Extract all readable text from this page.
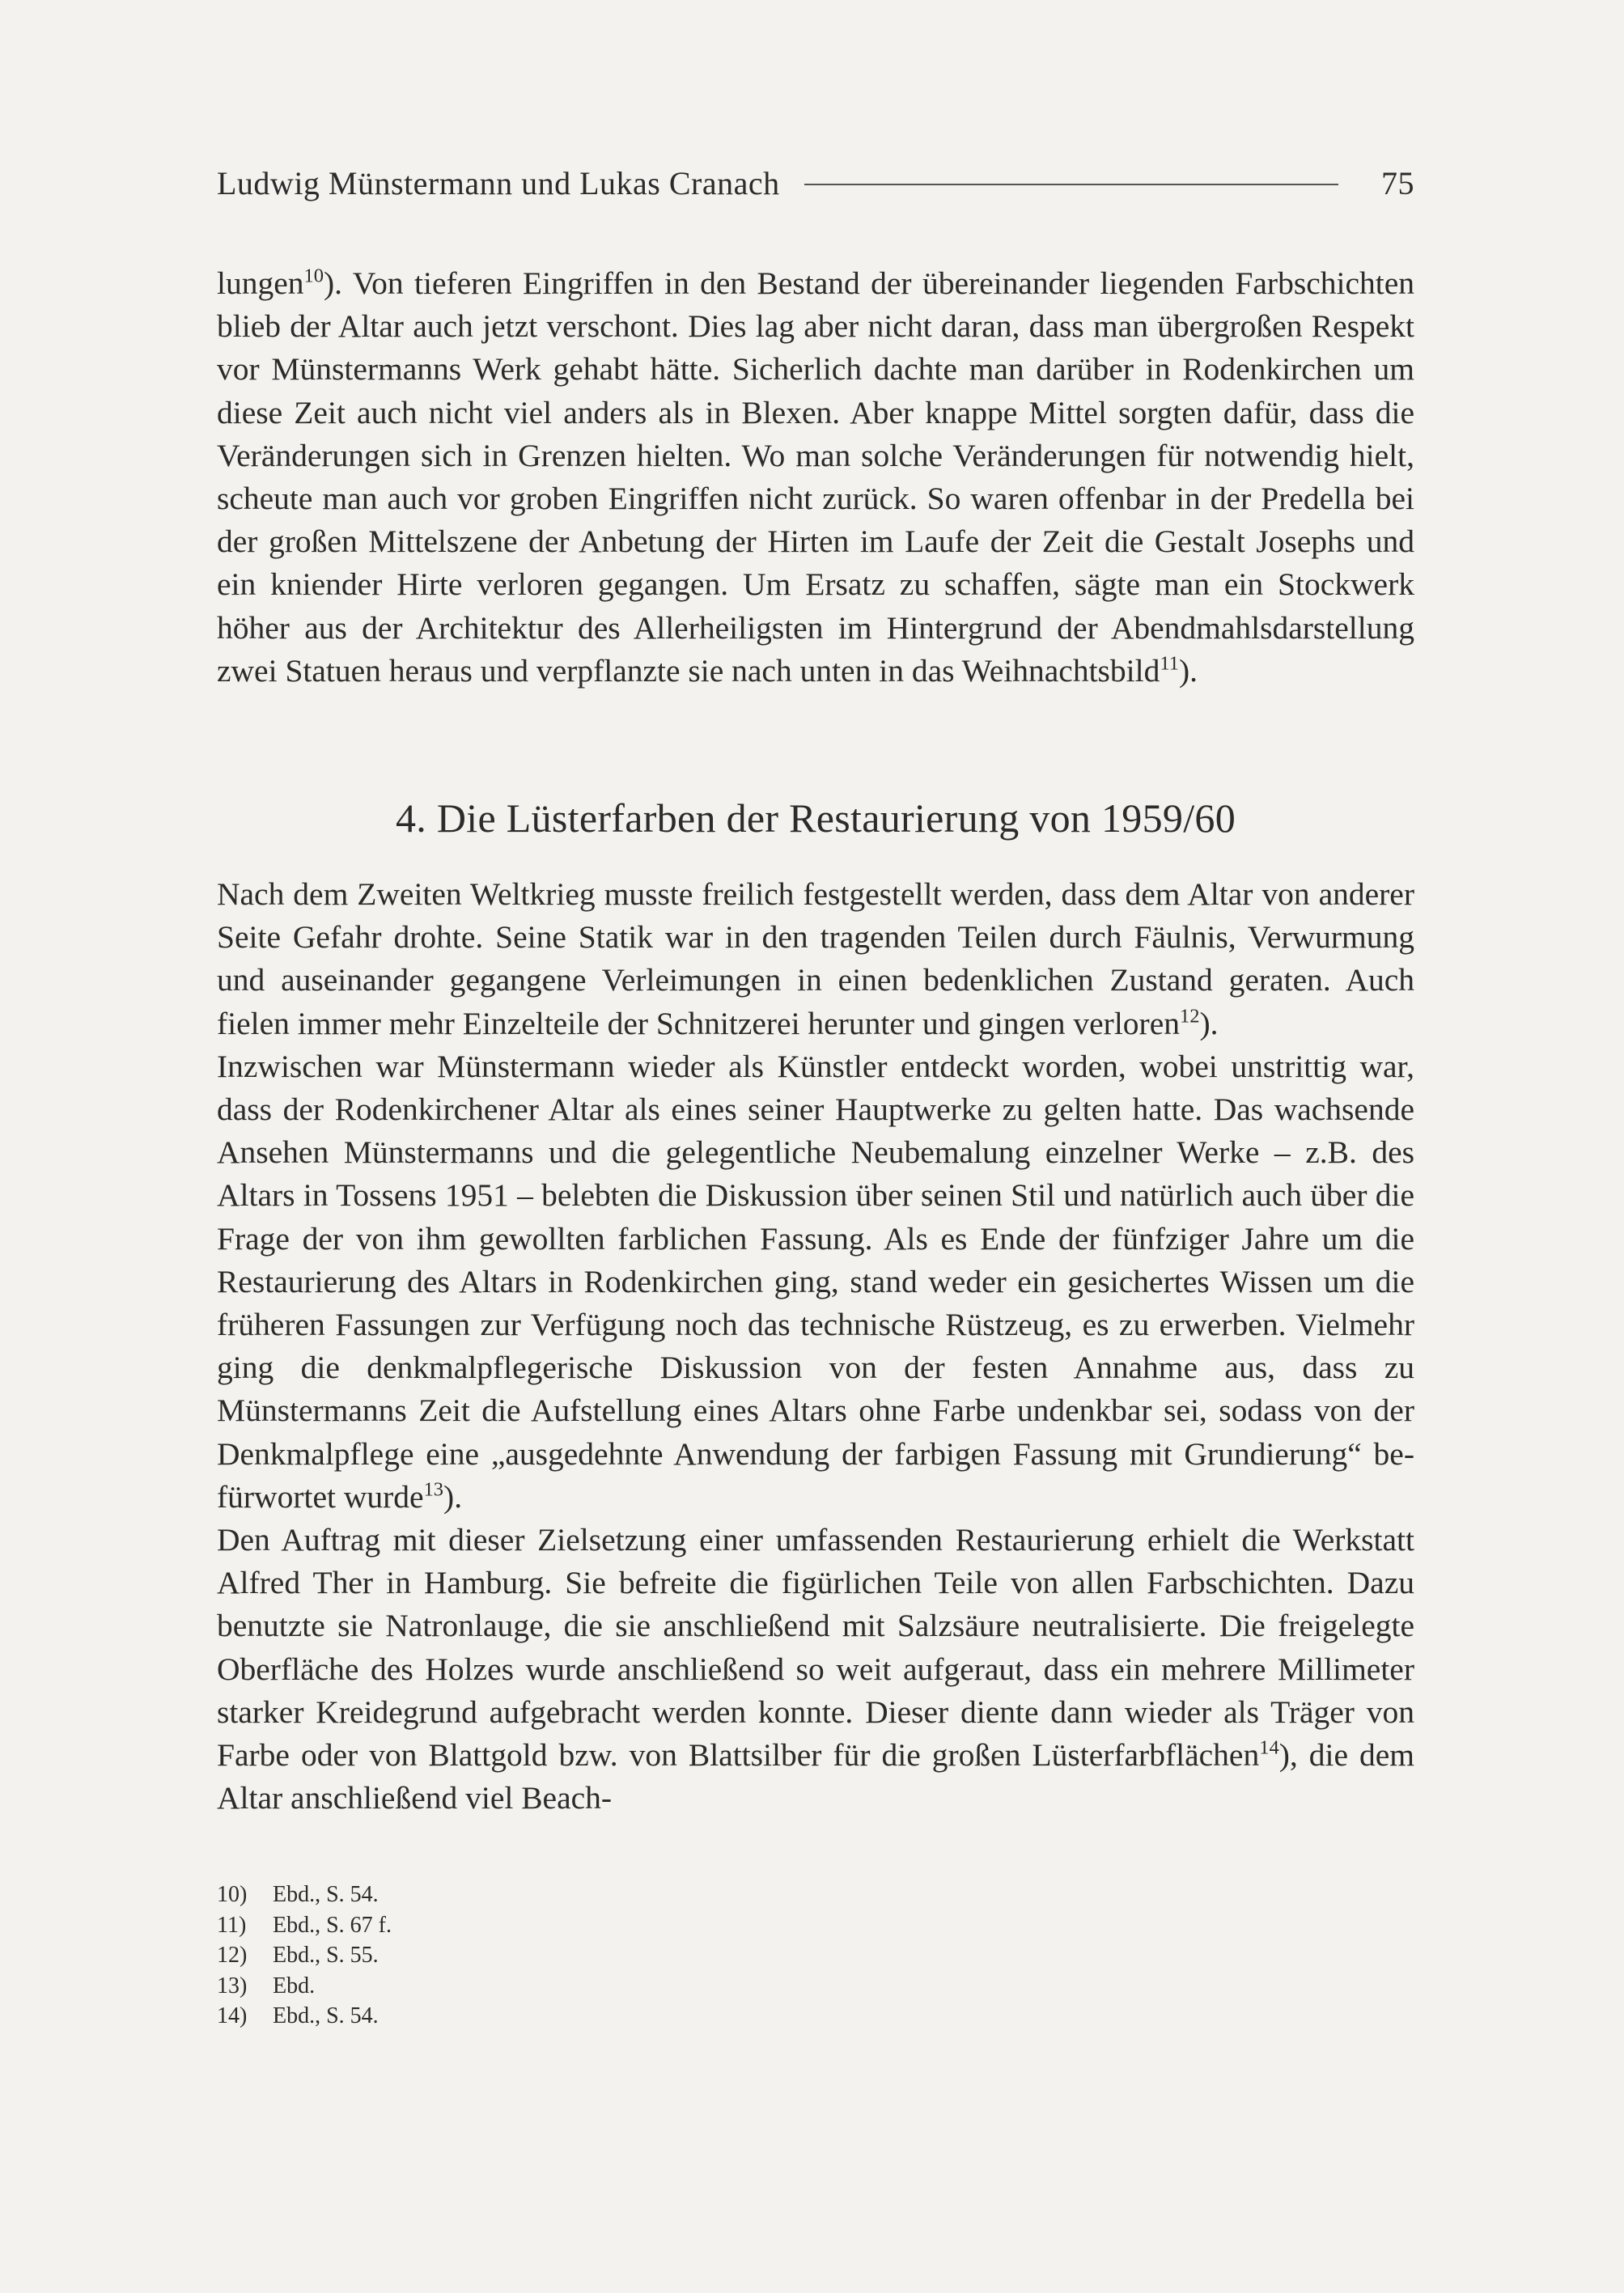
Ludwig Münstermann und Lukas Cranach	75

lungen$^{10}$). Von tieferen Eingriffen in den Bestand der übereinander liegenden Farbschichten blieb der Altar auch jetzt verschont. Dies lag aber nicht daran, dass man übergroßen Respekt vor Münstermanns Werk gehabt hätte. Sicherlich dachte man darüber in Rodenkirchen um diese Zeit auch nicht viel anders als in Blexen. Aber knappe Mittel sorgten dafür, dass die Veränderungen sich in Grenzen hielten. Wo man solche Veränderungen für notwendig hielt, scheute man auch vor groben Eingriffen nicht zurück. So waren offenbar in der Predella bei der großen Mittelszene der Anbetung der Hirten im Laufe der Zeit die Gestalt Josephs und ein kniender Hirte verloren gegangen. Um Ersatz zu schaffen, sägte man ein Stockwerk höher aus der Architektur des Allerheiligsten im Hintergrund der Abendmahlsdarstellung zwei Statuen heraus und verpflanzte sie nach unten in das Weihnachtsbild$^{11}$).

4. Die Lüsterfarben der Restaurierung von 1959/60

Nach dem Zweiten Weltkrieg musste freilich festgestellt werden, dass dem Altar von anderer Seite Gefahr drohte. Seine Statik war in den tragenden Teilen durch Fäulnis, Verwurmung und auseinander gegangene Verleimungen in einen bedenklichen Zustand geraten. Auch fielen immer mehr Einzelteile der Schnitzerei herunter und gingen verloren$^{12}$).

Inzwischen war Münstermann wieder als Künstler entdeckt worden, wobei unstrittig war, dass der Rodenkirchener Altar als eines seiner Hauptwerke zu gelten hatte. Das wachsende Ansehen Münstermanns und die gelegentliche Neubemalung einzelner Werke – z.B. des Altars in Tossens 1951 – belebten die Diskussion über seinen Stil und natürlich auch über die Frage der von ihm gewollten farblichen Fassung. Als es Ende der fünfziger Jahre um die Restaurierung des Altars in Rodenkirchen ging, stand weder ein gesichertes Wissen um die früheren Fassungen zur Verfügung noch das technische Rüstzeug, es zu erwerben. Vielmehr ging die denkmalpflegerische Diskussion von der festen Annahme aus, dass zu Münstermanns Zeit die Aufstellung eines Altars ohne Farbe undenkbar sei, sodass von der Denkmalpflege eine „ausgedehnte Anwendung der farbigen Fassung mit Grundierung“ befürwortet wurde$^{13}$).

Den Auftrag mit dieser Zielsetzung einer umfassenden Restaurierung erhielt die Werkstatt Alfred Ther in Hamburg. Sie befreite die figürlichen Teile von allen Farbschichten. Dazu benutzte sie Natronlauge, die sie anschließend mit Salzsäure neutralisierte. Die freigelegte Oberfläche des Holzes wurde anschließend so weit aufgeraut, dass ein mehrere Millimeter starker Kreidegrund aufgebracht werden konnte. Dieser diente dann wieder als Träger von Farbe oder von Blattgold bzw. von Blattsilber für die großen Lüsterfarbflächen$^{14}$), die dem Altar anschließend viel Beach-

10)	Ebd., S. 54.
11)	Ebd., S. 67 f.
12)	Ebd., S. 55.
13)	Ebd.
14)	Ebd., S. 54.
